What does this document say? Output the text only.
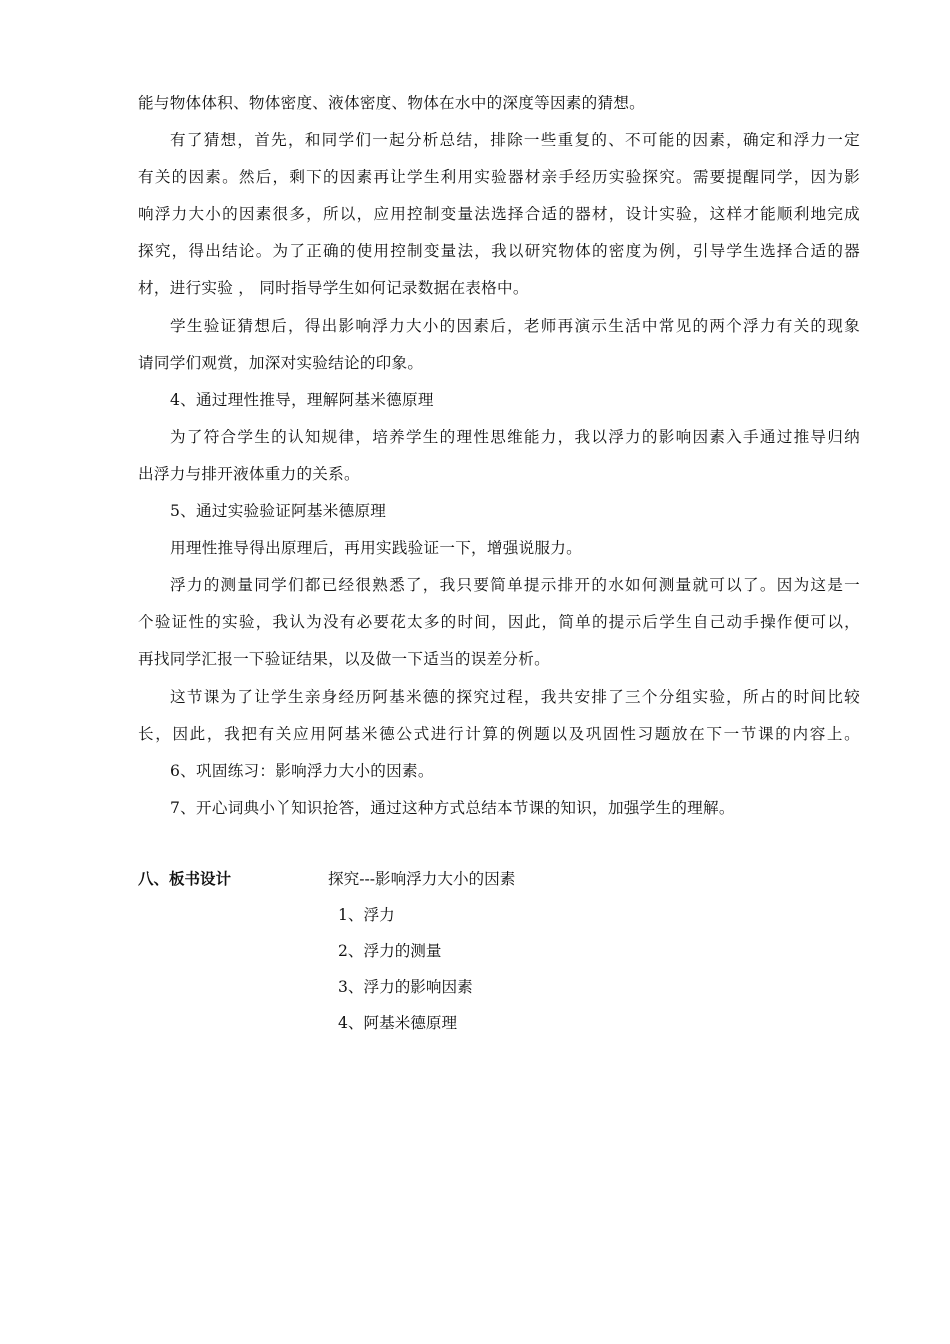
能与物体体积、物体密度、液体密度、物体在水中的深度等因素的猜想。
有了猜想，首先，和同学们一起分析总结，排除一些重复的、不可能的因素，确定和浮力一定
有关的因素。然后，剩下的因素再让学生利用实验器材亲手经历实验探究。需要提醒同学，因为影
响浮力大小的因素很多，所以，应用控制变量法选择合适的器材，设计实验，这样才能顺利地完成
探究，得出结论。为了正确的使用控制变量法，我以研究物体的密度为例，引导学生选择合适的器
材，进行实验 ， 同时指导学生如何记录数据在表格中。
学生验证猜想后，得出影响浮力大小的因素后，老师再演示生活中常见的两个浮力有关的现象
请同学们观赏，加深对实验结论的印象。
4、通过理性推导，理解阿基米德原理
为了符合学生的认知规律，培养学生的理性思维能力，我以浮力的影响因素入手通过推导归纳
出浮力与排开液体重力的关系。
5、通过实验验证阿基米德原理
用理性推导得出原理后，再用实践验证一下，增强说服力。
浮力的测量同学们都已经很熟悉了，我只要简单提示排开的水如何测量就可以了。因为这是一
个验证性的实验，我认为没有必要花太多的时间，因此，简单的提示后学生自己动手操作便可以，
再找同学汇报一下验证结果，以及做一下适当的误差分析。
这节课为了让学生亲身经历阿基米德的探究过程，我共安排了三个分组实验，所占的时间比较
长，因此，我把有关应用阿基米德公式进行计算的例题以及巩固性习题放在下一节课的内容上。
6、巩固练习：影响浮力大小的因素。
7、开心词典小丫知识抢答，通过这种方式总结本节课的知识，加强学生的理解。
八、板书设计	探究---影响浮力大小的因素
1、浮力
2、浮力的测量
3、浮力的影响因素
4、阿基米德原理
